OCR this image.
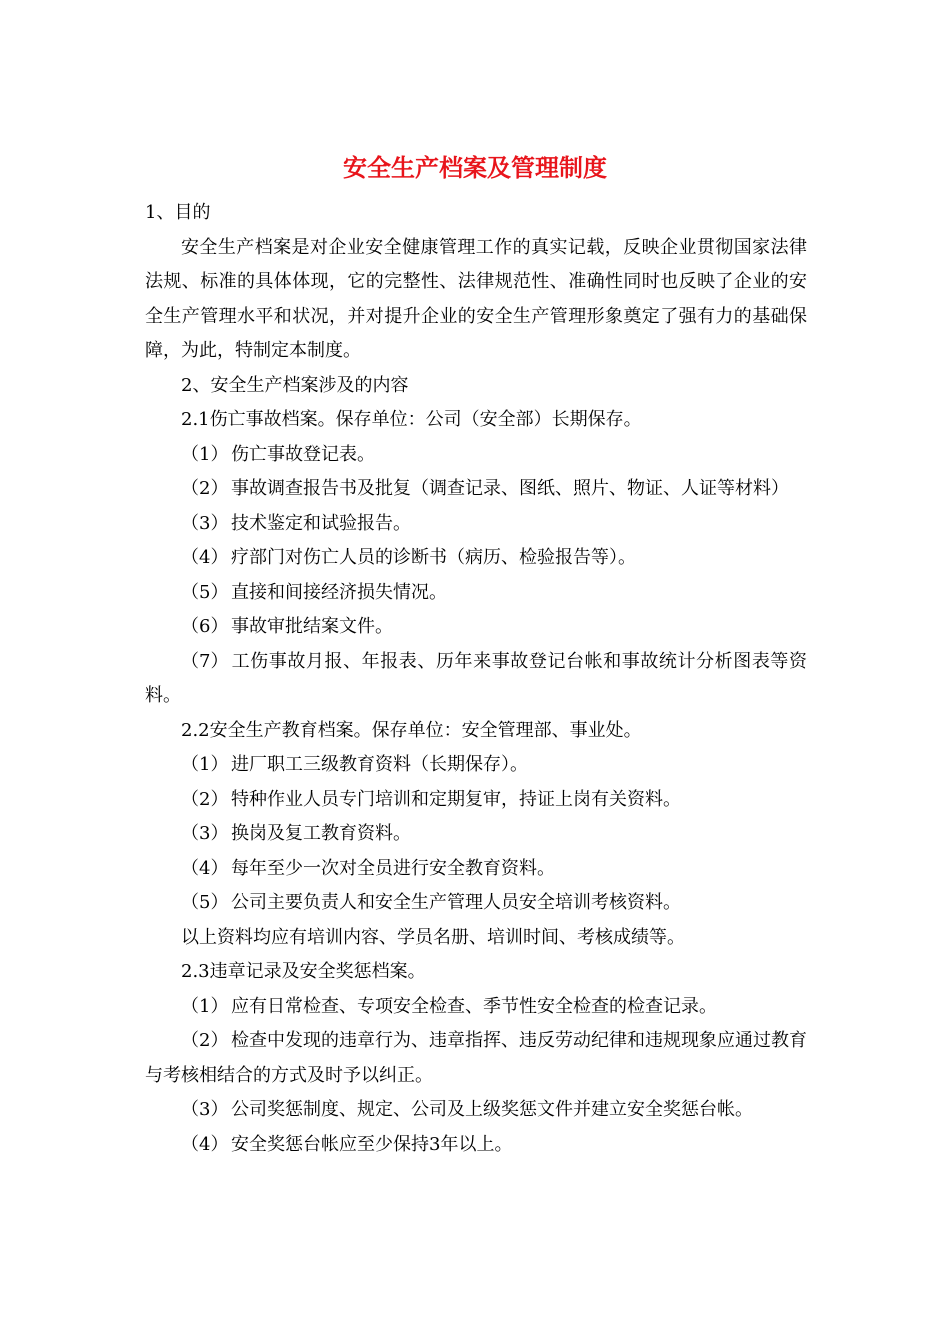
安全生产档案及管理制度

1、目的

安全生产档案是对企业安全健康管理工作的真实记载，反映企业贯彻国家法律法规、标准的具体体现，它的完整性、法律规范性、准确性同时也反映了企业的安全生产管理水平和状况，并对提升企业的安全生产管理形象奠定了强有力的基础保障，为此，特制定本制度。

2、安全生产档案涉及的内容

2.1伤亡事故档案。保存单位：公司（安全部）长期保存。

（1） 伤亡事故登记表。

（2） 事故调查报告书及批复（调查记录、图纸、照片、物证、人证等材料）

（3） 技术鉴定和试验报告。

（4） 疗部门对伤亡人员的诊断书（病历、检验报告等）。

（5） 直接和间接经济损失情况。

（6） 事故审批结案文件。

（7） 工伤事故月报、年报表、历年来事故登记台帐和事故统计分析图表等资料。

2.2安全生产教育档案。保存单位：安全管理部、事业处。

（1） 进厂职工三级教育资料（长期保存）。

（2） 特种作业人员专门培训和定期复审，持证上岗有关资料。

（3） 换岗及复工教育资料。

（4） 每年至少一次对全员进行安全教育资料。

（5） 公司主要负责人和安全生产管理人员安全培训考核资料。

以上资料均应有培训内容、学员名册、培训时间、考核成绩等。

2.3违章记录及安全奖惩档案。

（1） 应有日常检查、专项安全检查、季节性安全检查的检查记录。

（2） 检查中发现的违章行为、违章指挥、违反劳动纪律和违规现象应通过教育与考核相结合的方式及时予以纠正。

（3） 公司奖惩制度、规定、公司及上级奖惩文件并建立安全奖惩台帐。

（4） 安全奖惩台帐应至少保持3年以上。
